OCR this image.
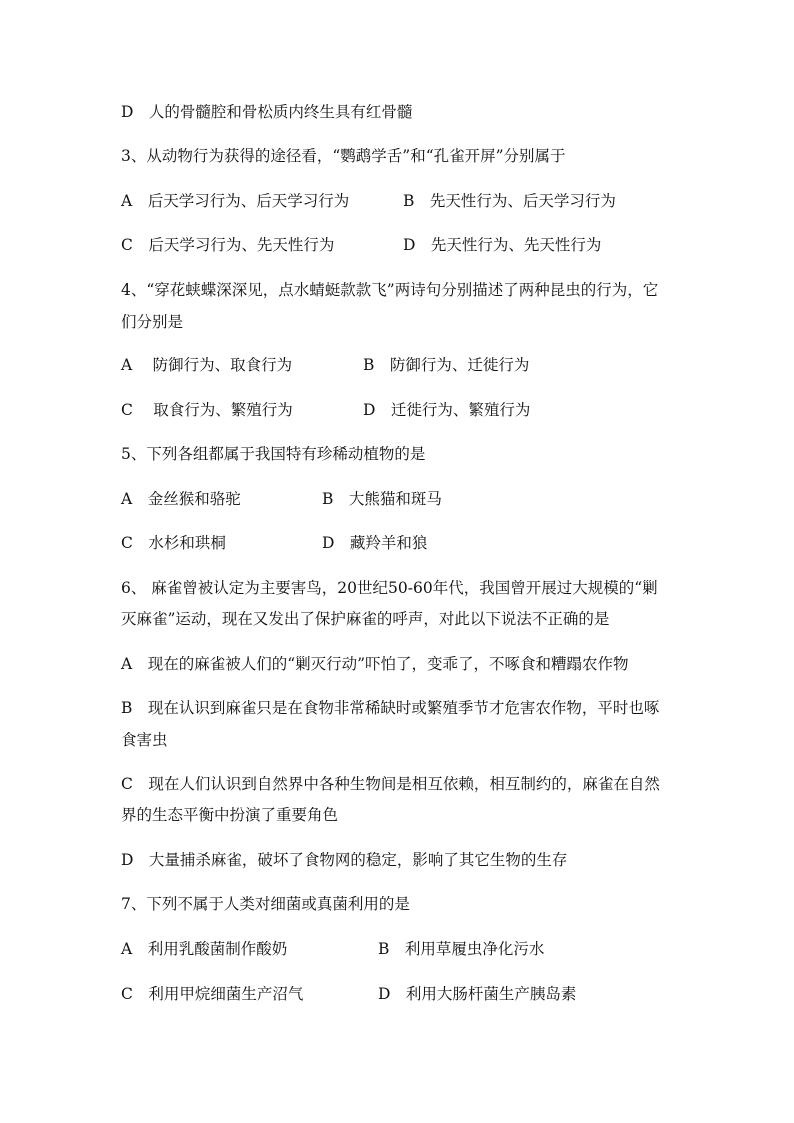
D　人的骨髓腔和骨松质内终生具有红骨髓
3、从动物行为获得的途径看，“鹦鹉学舌”和“孔雀开屏”分别属于
A　后天学习行为、后天学习行为	B　先天性行为、后天学习行为
C　后天学习行为、先天性行为	D　先天性行为、先天性行为
4、“穿花蛱蝶深深见，点水蜻蜓款款飞”两诗句分别描述了两种昆虫的行为，它
们分别是
A　 防御行为、取食行为	B　防御行为、迁徙行为
C　 取食行为、繁殖行为	D　迁徙行为、繁殖行为
5、下列各组都属于我国特有珍稀动植物的是
A　金丝猴和骆驼	B　大熊猫和斑马
C　水杉和珙桐	D　藏羚羊和狼
6、 麻雀曾被认定为主要害鸟，20世纪50-60年代，我国曾开展过大规模的“剿
灭麻雀”运动，现在又发出了保护麻雀的呼声，对此以下说法不正确的是
A　现在的麻雀被人们的“剿灭行动”吓怕了，变乖了，不啄食和糟蹋农作物
B　现在认识到麻雀只是在食物非常稀缺时或繁殖季节才危害农作物，平时也啄
食害虫
C　现在人们认识到自然界中各种生物间是相互依赖，相互制约的，麻雀在自然
界的生态平衡中扮演了重要角色
D　大量捕杀麻雀，破坏了食物网的稳定，影响了其它生物的生存
7、下列不属于人类对细菌或真菌利用的是
A　利用乳酸菌制作酸奶	B　利用草履虫净化污水
C　利用甲烷细菌生产沼气	D　利用大肠杆菌生产胰岛素
